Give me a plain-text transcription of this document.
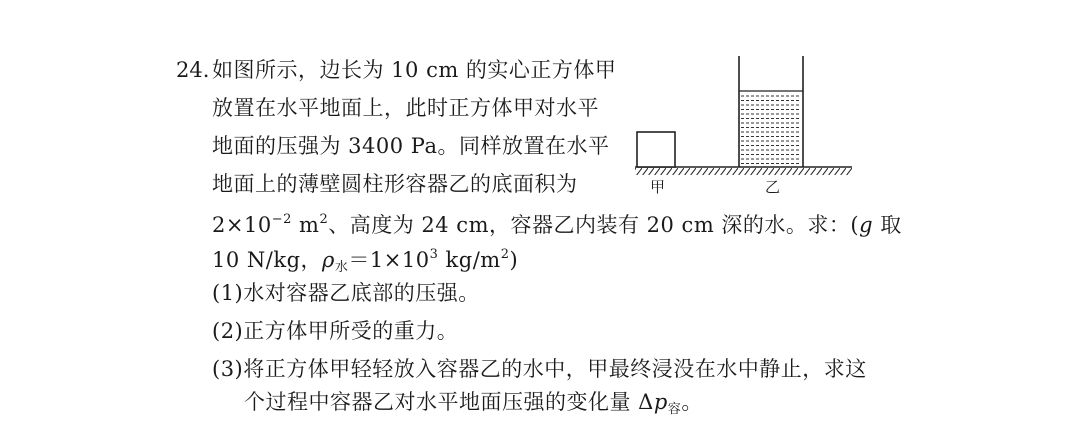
24. 如图所示，边长为 10 cm 的实心正方体甲
放置在水平地面上，此时正方体甲对水平
地面的压强为 3400 Pa。同样放置在水平
地面上的薄壁圆柱形容器乙的底面积为
$2\times 10^{-2}$ $m^2$、高度为 24 cm，容器乙内装有 20 cm 深的水。求：(g 取
10 N/kg，$\rho_水=1\times 10^3$ $kg/m^2$)
(1)水对容器乙底部的压强。
(2)正方体甲所受的重力。
(3)将正方体甲轻轻放入容器乙的水中，甲最终浸没在水中静止，求这
个过程中容器乙对水平地面压强的变化量 $\Delta p_容$。
甲	乙
